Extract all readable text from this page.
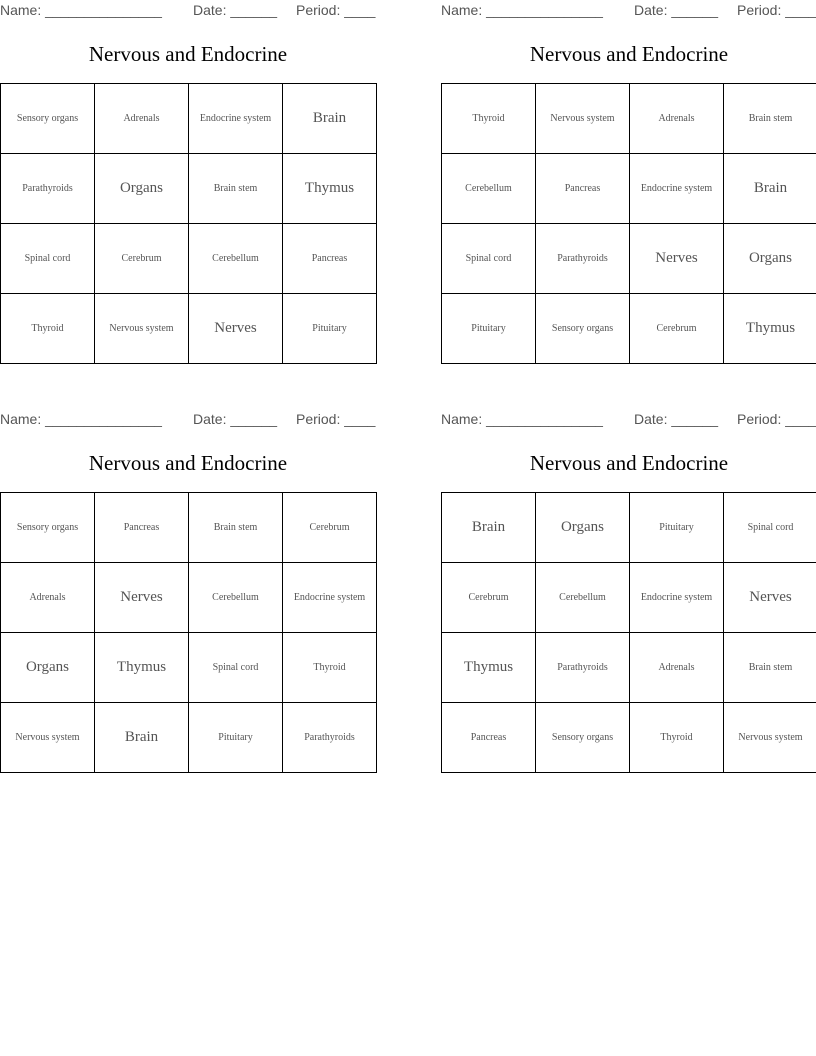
Name: _______________ Date: ______ Period: ____
Nervous and Endocrine
Sensory organs	Adrenals	Endocrine system	Brain
Parathyroids	Organs	Brain stem	Thymus
Spinal cord	Cerebrum	Cerebellum	Pancreas
Thyroid	Nervous system	Nerves	Pituitary
Name: _______________ Date: ______ Period: ____
Nervous and Endocrine
Thyroid	Nervous system	Adrenals	Brain stem
Cerebellum	Pancreas	Endocrine system	Brain
Spinal cord	Parathyroids	Nerves	Organs
Pituitary	Sensory organs	Cerebrum	Thymus
Name: _______________ Date: ______ Period: ____
Nervous and Endocrine
Sensory organs	Pancreas	Brain stem	Cerebrum
Adrenals	Nerves	Cerebellum	Endocrine system
Organs	Thymus	Spinal cord	Thyroid
Nervous system	Brain	Pituitary	Parathyroids
Name: _______________ Date: ______ Period: ____
Nervous and Endocrine
Brain	Organs	Pituitary	Spinal cord
Cerebrum	Cerebellum	Endocrine system	Nerves
Thymus	Parathyroids	Adrenals	Brain stem
Pancreas	Sensory organs	Thyroid	Nervous system
